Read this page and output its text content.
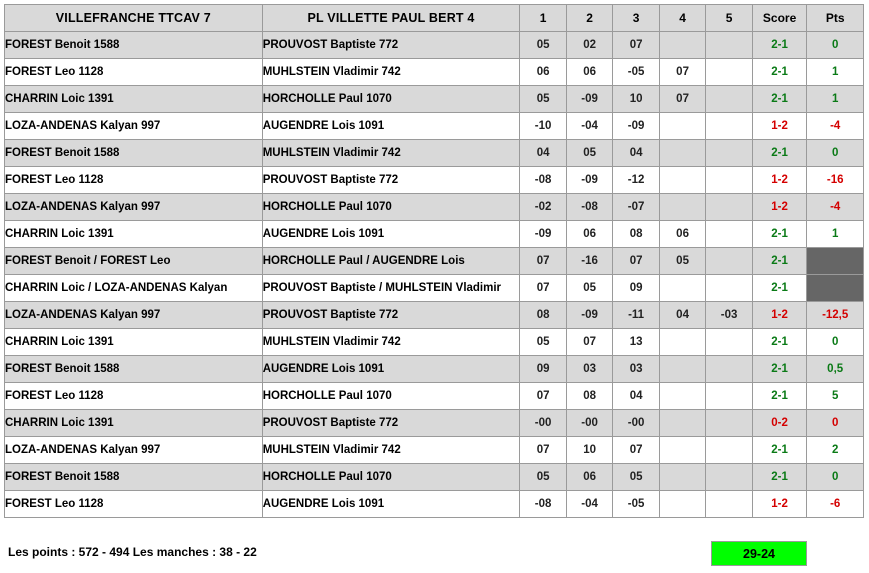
VILLEFRANCHE TTCAV 7	PL VILLETTE PAUL BERT 4	1	2	3	4	5	Score	Pts
FOREST Benoit 1588	PROUVOST Baptiste 772	05	02	07			2-1	0
FOREST Leo 1128	MUHLSTEIN Vladimir 742	06	06	-05	07		2-1	1
CHARRIN Loic 1391	HORCHOLLE Paul 1070	05	-09	10	07		2-1	1
LOZA-ANDENAS Kalyan 997	AUGENDRE Lois 1091	-10	-04	-09			1-2	-4
FOREST Benoit 1588	MUHLSTEIN Vladimir 742	04	05	04			2-1	0
FOREST Leo 1128	PROUVOST Baptiste 772	-08	-09	-12			1-2	-16
LOZA-ANDENAS Kalyan 997	HORCHOLLE Paul 1070	-02	-08	-07			1-2	-4
CHARRIN Loic 1391	AUGENDRE Lois 1091	-09	06	08	06		2-1	1
FOREST Benoit / FOREST Leo	HORCHOLLE Paul / AUGENDRE Lois	07	-16	07	05		2-1	
CHARRIN Loic / LOZA-ANDENAS Kalyan	PROUVOST Baptiste / MUHLSTEIN Vladimir	07	05	09			2-1	
LOZA-ANDENAS Kalyan 997	PROUVOST Baptiste 772	08	-09	-11	04	-03	1-2	-12,5
CHARRIN Loic 1391	MUHLSTEIN Vladimir 742	05	07	13			2-1	0
FOREST Benoit 1588	AUGENDRE Lois 1091	09	03	03			2-1	0,5
FOREST Leo 1128	HORCHOLLE Paul 1070	07	08	04			2-1	5
CHARRIN Loic 1391	PROUVOST Baptiste 772	-00	-00	-00			0-2	0
LOZA-ANDENAS Kalyan 997	MUHLSTEIN Vladimir 742	07	10	07			2-1	2
FOREST Benoit 1588	HORCHOLLE Paul 1070	05	06	05			2-1	0
FOREST Leo 1128	AUGENDRE Lois 1091	-08	-04	-05			1-2	-6
Les points : 572 - 494 Les manches : 38 - 22	29-24
